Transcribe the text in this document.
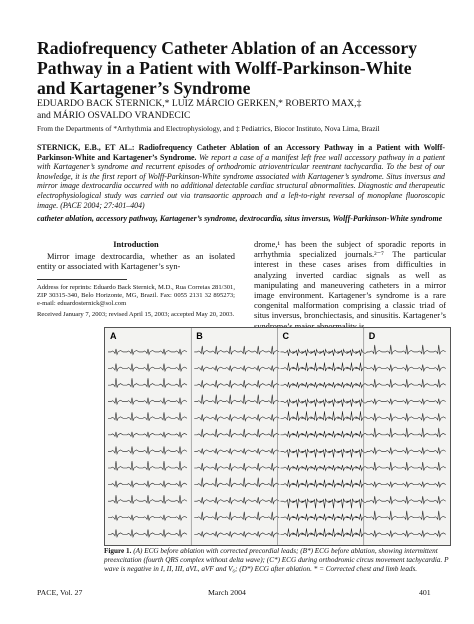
Radiofrequency Catheter Ablation of an Accessory Pathway in a Patient with Wolff-Parkinson-White and Kartagener’s Syndrome
EDUARDO BACK STERNICK,* LUIZ MÁRCIO GERKEN,* ROBERTO MAX,‡
and MÁRIO OSVALDO VRANDECIC
From the Departments of *Arrhythmia and Electrophysiology, and ‡ Pediatrics, Biocor Instituto, Nova Lima, Brazil
STERNICK, E.B., ET AL.: Radiofrequency Catheter Ablation of an Accessory Pathway in a Patient with Wolff-Parkinson-White and Kartagener’s Syndrome. We report a case of a manifest left free wall accessory pathway in a patient with Kartagener’s syndrome and recurrent episodes of orthodromic atrioventricular reentrant tachycardia. To the best of our knowledge, it is the first report of Wolff-Parkinson-White syndrome associated with Kartagener’s syndrome. Situs inversus and mirror image dextrocardia occurred with no additional detectable cardiac structural abnormalities. Diagnostic and therapeutic electrophysiological study was carried out via transaortic approach and a left-to-right reversal of monoplane fluoroscopic image. (PACE 2004; 27:401–404)
catheter ablation, accessory pathway, Kartagener’s syndrome, dextrocardia, situs inversus, Wolff-Parkinson-White syndrome
Introduction
Mirror image dextrocardia, whether as an isolated entity or associated with Kartagener’s syn-
Address for reprints: Eduardo Back Sternick, M.D., Rua Correias 281/301, ZIP 30315-340, Belo Horizonte, MG, Brazil. Fax: 0055 2131 32 895273; e-mail: eduardosternick@sol.com
Received January 7, 2003; revised April 15, 2003; accepted May 20, 2003.
drome,¹ has been the subject of sporadic reports in arrhythmia specialized journals.²⁻⁷ The particular interest in these cases arises from difficulties in analyzing inverted cardiac signals as well as manipulating and maneuvering catheters in a mirror image environment. Kartagener’s syndrome is a rare congenital malformation comprising a classic triad of situs inversus, bronchiectasis, and sinusitis. Kartagener’s
A	B	C	D
Figure 1. (A) ECG before ablation with corrected precordial leads; (B*) ECG before ablation, showing intermittent preexcitation (fourth QRS complex without delta wave); (C*) ECG during orthodromic circus movement tachycardia. P wave is negative in I, II, III, aVL, aVF and V₆; (D*) ECG after ablation. * = Corrected chest and limb leads.
PACE, Vol. 27	March 2004	401
